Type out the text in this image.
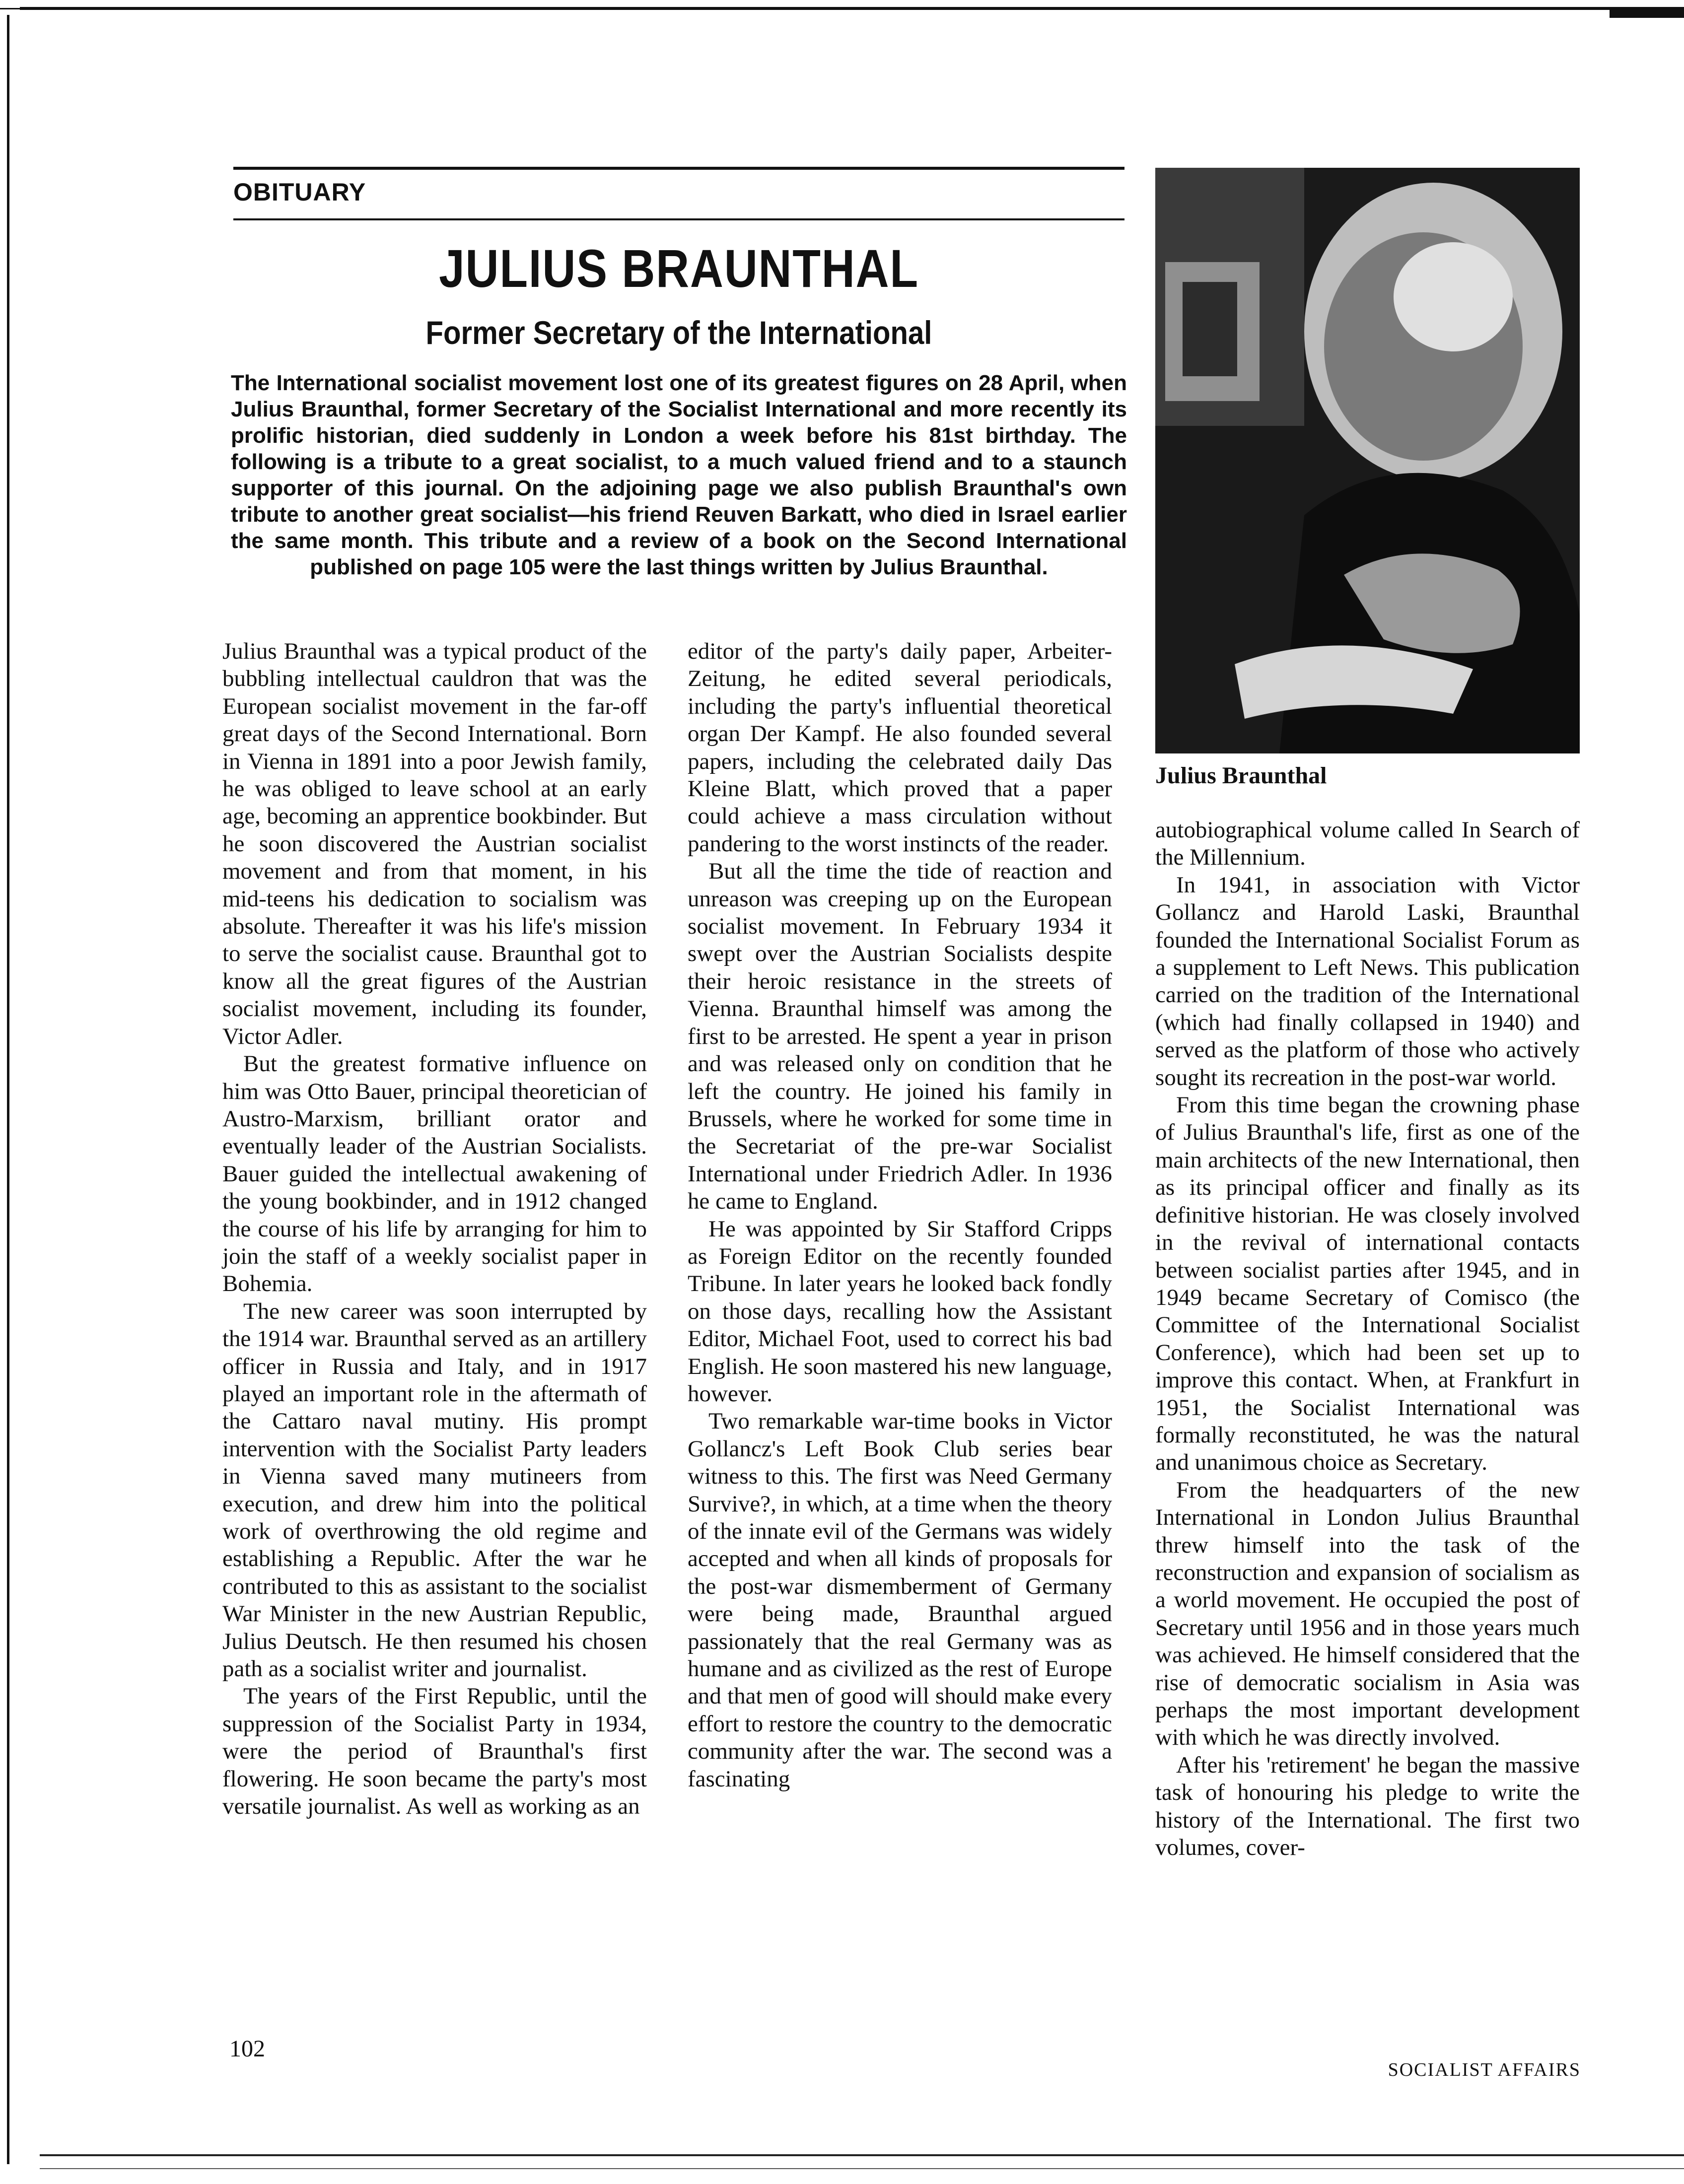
OBITUARY
JULIUS BRAUNTHAL
Former Secretary of the International
The International socialist movement lost one of its greatest figures on 28 April, when Julius Braunthal, former Secretary of the Socialist International and more recently its prolific historian, died suddenly in London a week before his 81st birthday. The following is a tribute to a great socialist, to a much valued friend and to a staunch supporter of this journal. On the adjoining page we also publish Braunthal's own tribute to another great socialist—his friend Reuven Barkatt, who died in Israel earlier the same month. This tribute and a review of a book on the Second International published on page 105 were the last things written by Julius Braunthal.
Julius Braunthal

Julius Braunthal was a typical product of the bubbling intellectual cauldron that was the European socialist movement in the far-off great days of the Second International. Born in Vienna in 1891 into a poor Jewish family, he was obliged to leave school at an early age, becoming an apprentice bookbinder. But he soon discovered the Austrian socialist movement and from that moment, in his mid-teens his dedication to socialism was absolute. Thereafter it was his life's mission to serve the socialist cause. Braunthal got to know all the great figures of the Austrian socialist movement, including its founder, Victor Adler.

But the greatest formative influence on him was Otto Bauer, principal theoretician of Austro-Marxism, brilliant orator and eventually leader of the Austrian Socialists. Bauer guided the intellectual awakening of the young bookbinder, and in 1912 changed the course of his life by arranging for him to join the staff of a weekly socialist paper in Bohemia.

The new career was soon interrupted by the 1914 war. Braunthal served as an artillery officer in Russia and Italy, and in 1917 played an important role in the aftermath of the Cattaro naval mutiny. His prompt intervention with the Socialist Party leaders in Vienna saved many mutineers from execution, and drew him into the political work of overthrowing the old regime and establishing a Republic. After the war he contributed to this as assistant to the socialist War Minister in the new Austrian Republic, Julius Deutsch. He then resumed his chosen path as a socialist writer and journalist.

The years of the First Republic, until the suppression of the Socialist Party in 1934, were the period of Braunthal's first flowering. He soon became the party's most versatile journalist. As well as working as an

editor of the party's daily paper, Arbeiter-Zeitung, he edited several periodicals, including the party's influential theoretical organ Der Kampf. He also founded several papers, including the celebrated daily Das Kleine Blatt, which proved that a paper could achieve a mass circulation without pandering to the worst instincts of the reader.

But all the time the tide of reaction and unreason was creeping up on the European socialist movement. In February 1934 it swept over the Austrian Socialists despite their heroic resistance in the streets of Vienna. Braunthal himself was among the first to be arrested. He spent a year in prison and was released only on condition that he left the country. He joined his family in Brussels, where he worked for some time in the Secretariat of the pre-war Socialist International under Friedrich Adler. In 1936 he came to England.

He was appointed by Sir Stafford Cripps as Foreign Editor on the recently founded Tribune. In later years he looked back fondly on those days, recalling how the Assistant Editor, Michael Foot, used to correct his bad English. He soon mastered his new language, however.

Two remarkable war-time books in Victor Gollancz's Left Book Club series bear witness to this. The first was Need Germany Survive?, in which, at a time when the theory of the innate evil of the Germans was widely accepted and when all kinds of proposals for the post-war dismemberment of Germany were being made, Braunthal argued passionately that the real Germany was as humane and as civilized as the rest of Europe and that men of good will should make every effort to restore the country to the democratic community after the war. The second was a fascinating

autobiographical volume called In Search of the Millennium.

In 1941, in association with Victor Gollancz and Harold Laski, Braunthal founded the International Socialist Forum as a supplement to Left News. This publication carried on the tradition of the International (which had finally collapsed in 1940) and served as the platform of those who actively sought its recreation in the post-war world.

From this time began the crowning phase of Julius Braunthal's life, first as one of the main architects of the new International, then as its principal officer and finally as its definitive historian. He was closely involved in the revival of international contacts between socialist parties after 1945, and in 1949 became Secretary of Comisco (the Committee of the International Socialist Conference), which had been set up to improve this contact. When, at Frankfurt in 1951, the Socialist International was formally reconstituted, he was the natural and unanimous choice as Secretary.

From the headquarters of the new International in London Julius Braunthal threw himself into the task of the reconstruction and expansion of socialism as a world movement. He occupied the post of Secretary until 1956 and in those years much was achieved. He himself considered that the rise of democratic socialism in Asia was perhaps the most important development with which he was directly involved.

After his 'retirement' he began the massive task of honouring his pledge to write the history of the International. The first two volumes, cover-

102
SOCIALIST AFFAIRS
